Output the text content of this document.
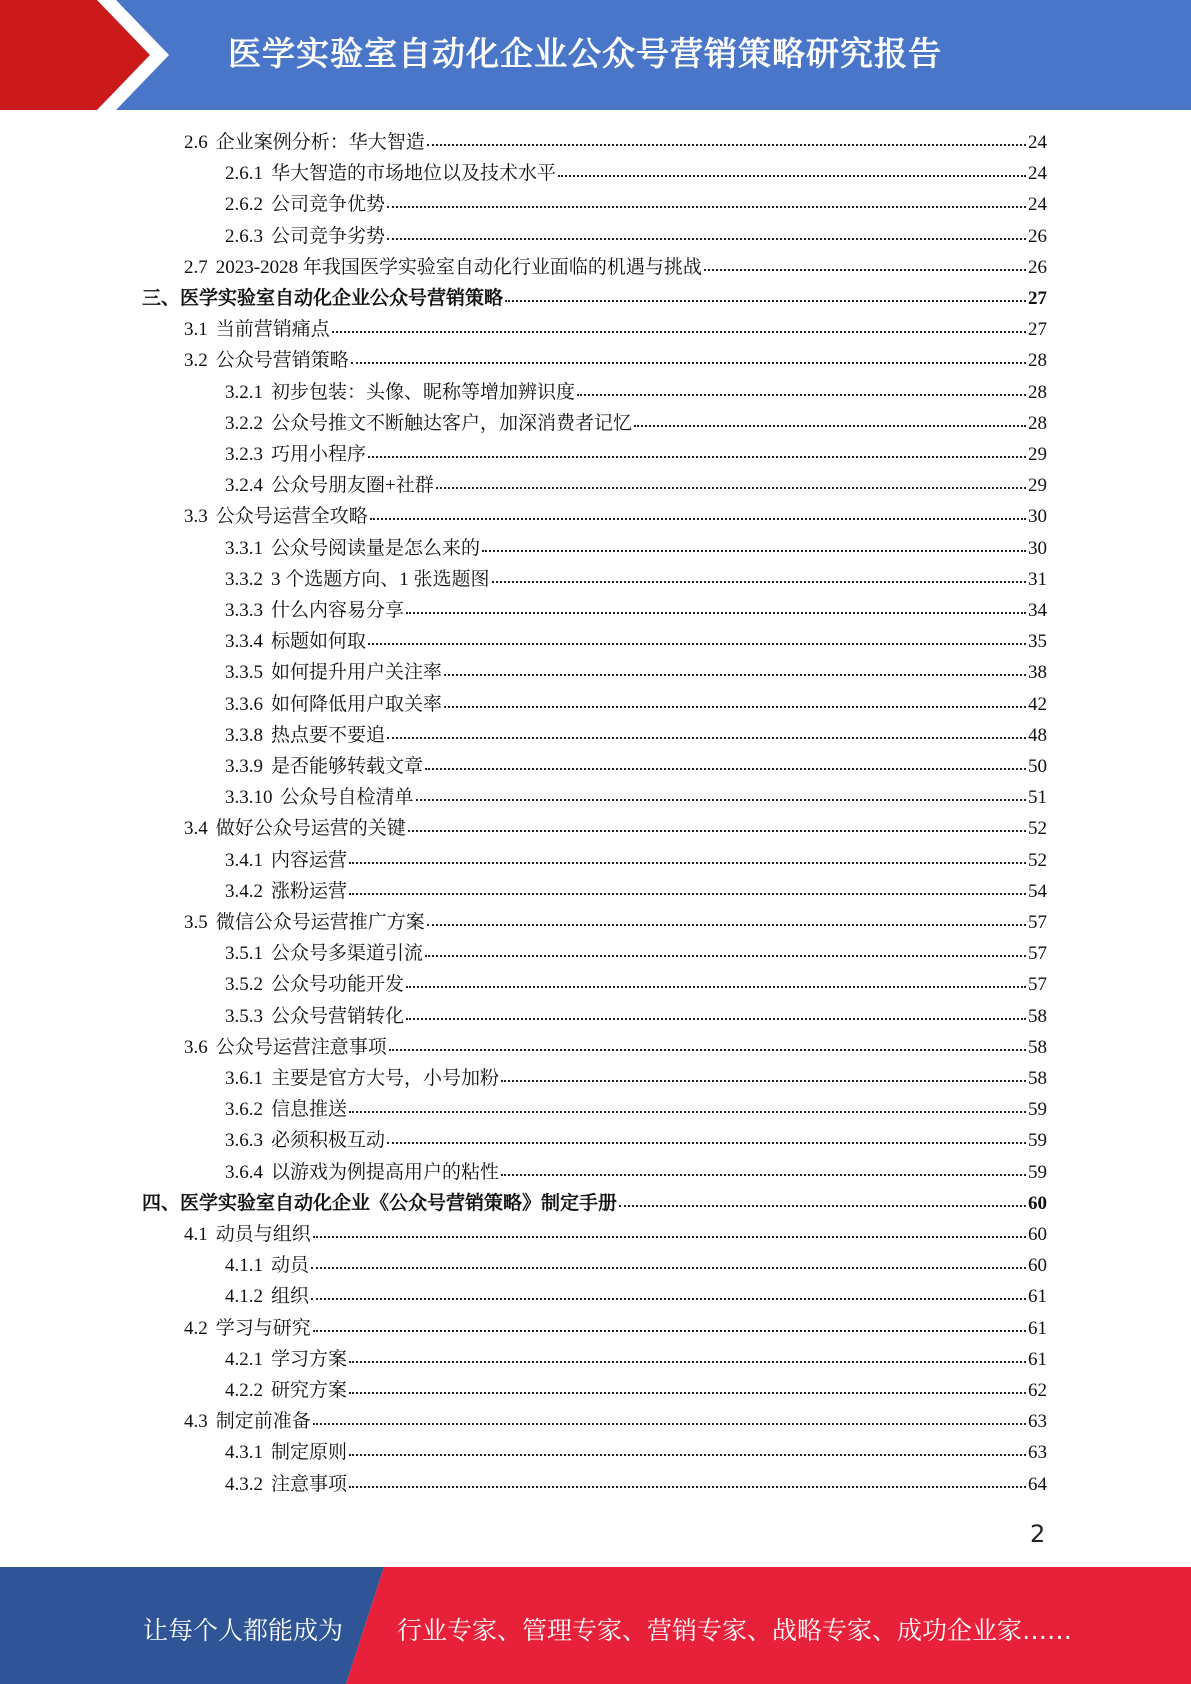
医学实验室自动化企业公众号营销策略研究报告
2.6 企业案例分析：华大智造	24
2.6.1 华大智造的市场地位以及技术水平	24
2.6.2 公司竞争优势	24
2.6.3 公司竞争劣势	26
2.7 2023-2028 年我国医学实验室自动化行业面临的机遇与挑战	26
三、 医学实验室自动化企业公众号营销策略	27
3.1 当前营销痛点	27
3.2 公众号营销策略	28
3.2.1 初步包装：头像、昵称等增加辨识度	28
3.2.2 公众号推文不断触达客户，加深消费者记忆	28
3.2.3 巧用小程序	29
3.2.4 公众号朋友圈+社群	29
3.3 公众号运营全攻略	30
3.3.1 公众号阅读量是怎么来的	30
3.3.2 3 个选题方向、1 张选题图	31
3.3.3 什么内容易分享	34
3.3.4 标题如何取	35
3.3.5 如何提升用户关注率	38
3.3.6 如何降低用户取关率	42
3.3.8 热点要不要追	48
3.3.9 是否能够转载文章	50
3.3.10 公众号自检清单	51
3.4 做好公众号运营的关键	52
3.4.1 内容运营	52
3.4.2 涨粉运营	54
3.5 微信公众号运营推广方案	57
3.5.1 公众号多渠道引流	57
3.5.2 公众号功能开发	57
3.5.3 公众号营销转化	58
3.6 公众号运营注意事项	58
3.6.1 主要是官方大号，小号加粉	58
3.6.2 信息推送	59
3.6.3 必须积极互动	59
3.6.4 以游戏为例提高用户的粘性	59
四、 医学实验室自动化企业《公众号营销策略》制定手册	60
4.1 动员与组织	60
4.1.1 动员	60
4.1.2 组织	61
4.2 学习与研究	61
4.2.1 学习方案	61
4.2.2 研究方案	62
4.3 制定前准备	63
4.3.1 制定原则	63
4.3.2 注意事项	64
2
让每个人都能成为 行业专家、管理专家、营销专家、战略专家、成功企业家……
